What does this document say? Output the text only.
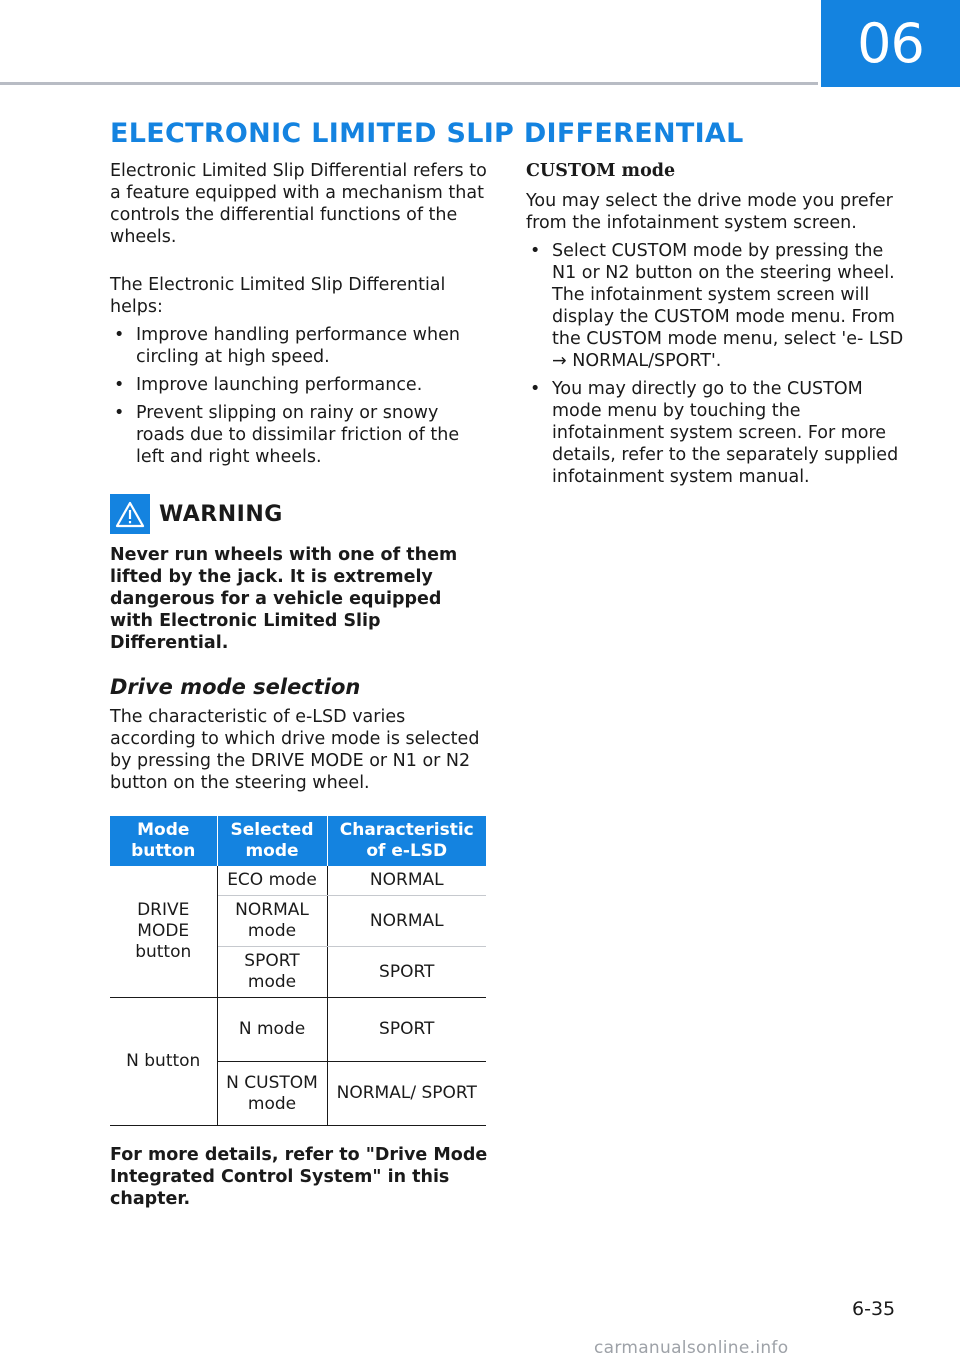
06
ELECTRONIC LIMITED SLIP DIFFERENTIAL

Electronic Limited Slip Differential refers to a feature equipped with a mechanism that controls the differential functions of the wheels.

The Electronic Limited Slip Differential helps:

• Improve handling performance when circling at high speed.
• Improve launching performance.
• Prevent slipping on rainy or snowy roads due to dissimilar friction of the left and right wheels.
WARNING
Never run wheels with one of them lifted by the jack. It is extremely dangerous for a vehicle equipped with Electronic Limited Slip Differential.
Drive mode selection

The characteristic of e-LSD varies according to which drive mode is selected by pressing the DRIVE MODE or N1 or N2 button on the steering wheel.

Mode button	Selected mode	Characteristic of e-LSD
DRIVE MODE button	ECO mode	NORMAL
	NORMAL mode	NORMAL
	SPORT mode	SPORT
N button	N mode	SPORT
	N CUSTOM mode	NORMAL/ SPORT
For more details, refer to "Drive Mode Integrated Control System" in this chapter.
CUSTOM mode

You may select the drive mode you prefer from the infotainment system screen.

• Select CUSTOM mode by pressing the N1 or N2 button on the steering wheel. The infotainment system screen will display the CUSTOM mode menu. From the CUSTOM mode menu, select 'e- LSD → NORMAL/SPORT'.
• You may directly go to the CUSTOM mode menu by touching the infotainment system screen. For more details, refer to the separately supplied infotainment system manual.
6-35
carmanualsonline.info
